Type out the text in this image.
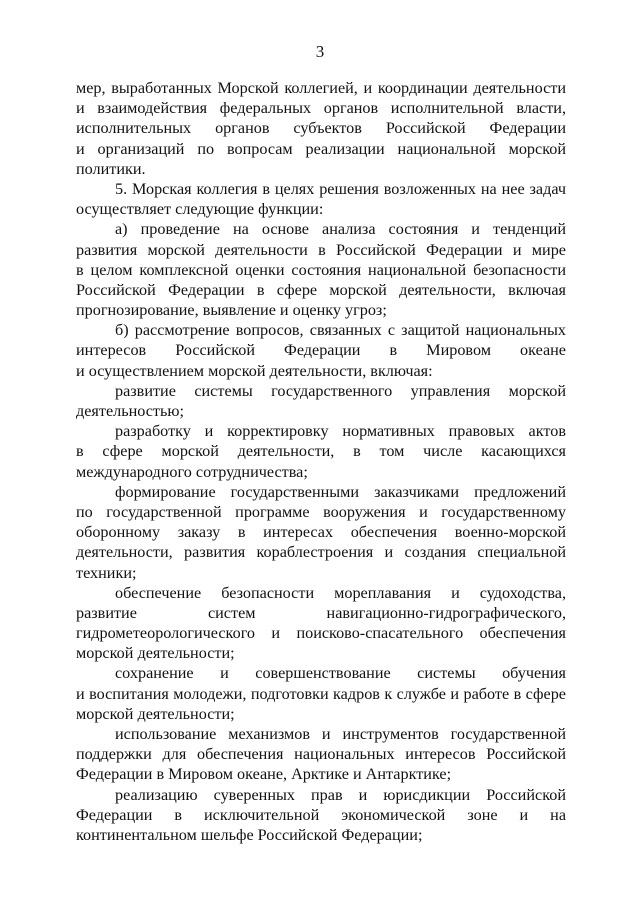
3
мер, выработанных Морской коллегией, и координации деятельности
и взаимодействия федеральных органов исполнительной власти,
исполнительных органов субъектов Российской Федерации
и организаций по вопросам реализации национальной морской
политики.
5. Морская коллегия в целях решения возложенных на нее задач
осуществляет следующие функции:
а) проведение на основе анализа состояния и тенденций
развития морской деятельности в Российской Федерации и мире
в целом комплексной оценки состояния национальной безопасности
Российской Федерации в сфере морской деятельности, включая
прогнозирование, выявление и оценку угроз;
б) рассмотрение вопросов, связанных с защитой национальных
интересов Российской Федерации в Мировом океане
и осуществлением морской деятельности, включая:
развитие системы государственного управления морской
деятельностью;
разработку и корректировку нормативных правовых актов
в сфере морской деятельности, в том числе касающихся
международного сотрудничества;
формирование государственными заказчиками предложений
по государственной программе вооружения и государственному
оборонному заказу в интересах обеспечения военно-морской
деятельности, развития кораблестроения и создания специальной
техники;
обеспечение безопасности мореплавания и судоходства,
развитие систем навигационно-гидрографического,
гидрометеорологического и поисково-спасательного обеспечения
морской деятельности;
сохранение и совершенствование системы обучения
и воспитания молодежи, подготовки кадров к службе и работе в сфере
морской деятельности;
использование механизмов и инструментов государственной
поддержки для обеспечения национальных интересов Российской
Федерации в Мировом океане, Арктике и Антарктике;
реализацию суверенных прав и юрисдикции Российской
Федерации в исключительной экономической зоне и на
континентальном шельфе Российской Федерации;
